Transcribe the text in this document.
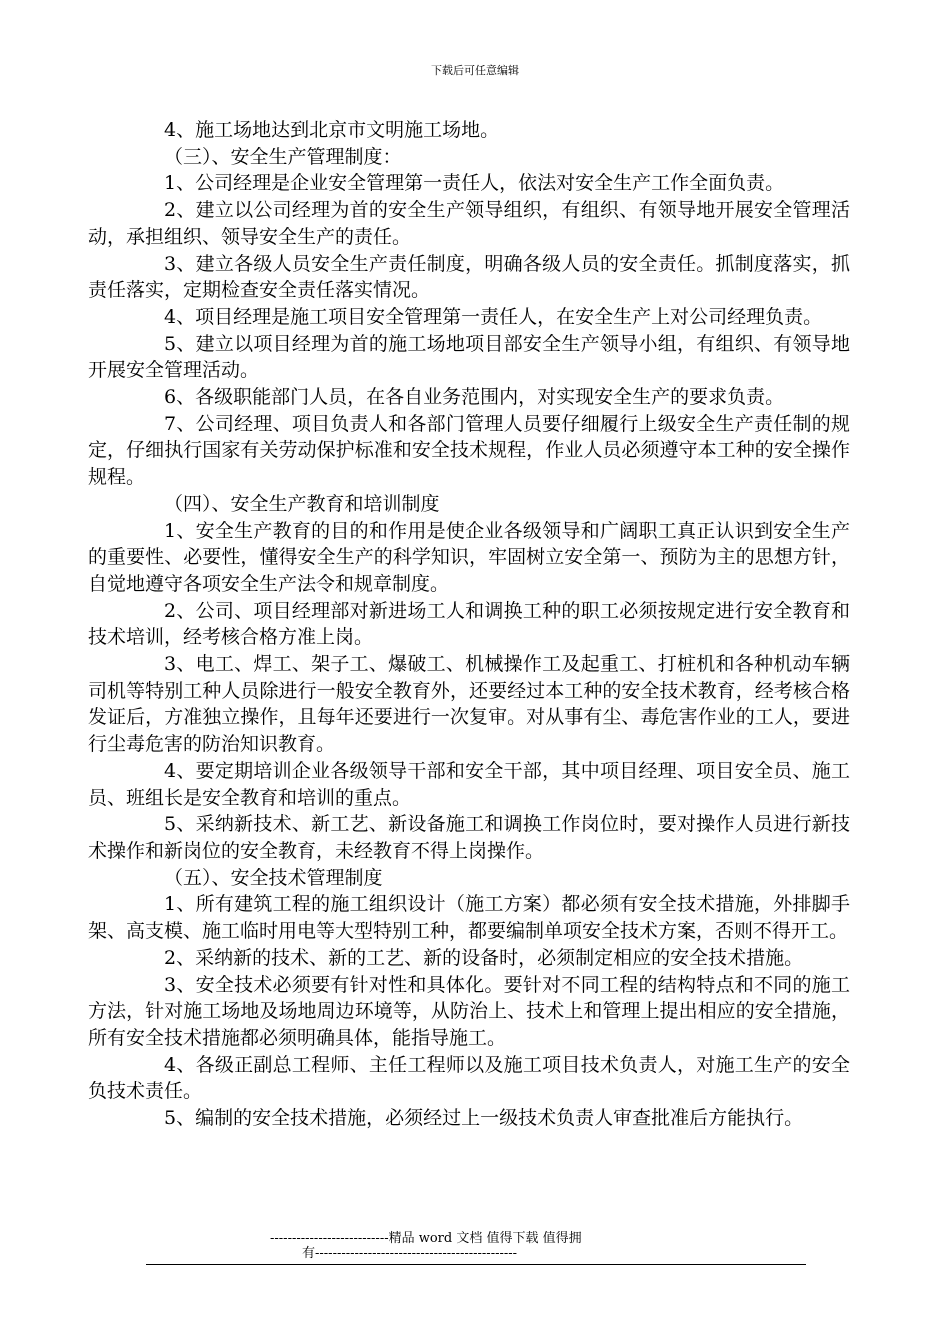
下载后可任意编辑

4、施工场地达到北京市文明施工场地。

（三）、安全生产管理制度：

1、公司经理是企业安全管理第一责任人，依法对安全生产工作全面负责。

2、建立以公司经理为首的安全生产领导组织，有组织、有领导地开展安全管理活动，承担组织、领导安全生产的责任。

3、建立各级人员安全生产责任制度，明确各级人员的安全责任。抓制度落实，抓责任落实，定期检查安全责任落实情况。

4、项目经理是施工项目安全管理第一责任人，在安全生产上对公司经理负责。

5、建立以项目经理为首的施工场地项目部安全生产领导小组，有组织、有领导地开展安全管理活动。

6、各级职能部门人员，在各自业务范围内，对实现安全生产的要求负责。

7、公司经理、项目负责人和各部门管理人员要仔细履行上级安全生产责任制的规定，仔细执行国家有关劳动保护标准和安全技术规程，作业人员必须遵守本工种的安全操作规程。

（四）、安全生产教育和培训制度

1、安全生产教育的目的和作用是使企业各级领导和广阔职工真正认识到安全生产的重要性、必要性，懂得安全生产的科学知识，牢固树立安全第一、预防为主的思想方针，自觉地遵守各项安全生产法令和规章制度。

2、公司、项目经理部对新进场工人和调换工种的职工必须按规定进行安全教育和技术培训，经考核合格方准上岗。

3、电工、焊工、架子工、爆破工、机械操作工及起重工、打桩机和各种机动车辆司机等特别工种人员除进行一般安全教育外，还要经过本工种的安全技术教育，经考核合格发证后，方准独立操作，且每年还要进行一次复审。对从事有尘、毒危害作业的工人，要进行尘毒危害的防治知识教育。

4、要定期培训企业各级领导干部和安全干部，其中项目经理、项目安全员、施工员、班组长是安全教育和培训的重点。

5、采纳新技术、新工艺、新设备施工和调换工作岗位时，要对操作人员进行新技术操作和新岗位的安全教育，未经教育不得上岗操作。

（五）、安全技术管理制度

1、所有建筑工程的施工组织设计（施工方案）都必须有安全技术措施，外排脚手架、高支模、施工临时用电等大型特别工种，都要编制单项安全技术方案，否则不得开工。

2、采纳新的技术、新的工艺、新的设备时，必须制定相应的安全技术措施。

3、安全技术必须要有针对性和具体化。要针对不同工程的结构特点和不同的施工方法，针对施工场地及场地周边环境等，从防治上、技术上和管理上提出相应的安全措施，所有安全技术措施都必须明确具体，能指导施工。

4、各级正副总工程师、主任工程师以及施工项目技术负责人，对施工生产的安全负技术责任。

5、编制的安全技术措施，必须经过上一级技术负责人审查批准后方能执行。

---------------------------精品 word 文档 值得下载 值得拥
有----------------------------------------------
